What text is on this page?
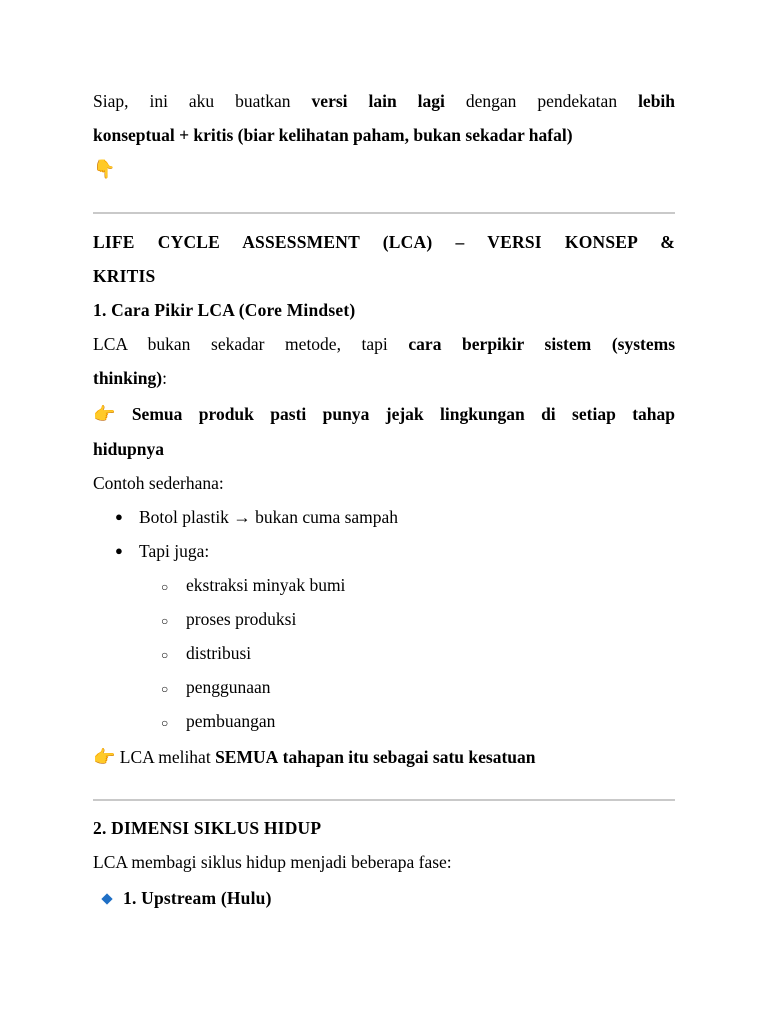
Siap, ini aku buatkan versi lain lagi dengan pendekatan lebih
konseptual + kritis (biar kelihatan paham, bukan sekadar hafal)
👇
LIFE CYCLE ASSESSMENT (LCA) – VERSI KONSEP &
KRITIS
1. Cara Pikir LCA (Core Mindset)
LCA bukan sekadar metode, tapi cara berpikir sistem (systems
thinking):
👉 Semua produk pasti punya jejak lingkungan di setiap tahap
hidupnya
Contoh sederhana:
● Botol plastik → bukan cuma sampah
● Tapi juga:
○ ekstraksi minyak bumi
○ proses produksi
○ distribusi
○ penggunaan
○ pembuangan
👉 LCA melihat SEMUA tahapan itu sebagai satu kesatuan
2. DIMENSI SIKLUS HIDUP
LCA membagi siklus hidup menjadi beberapa fase:
1. Upstream (Hulu)
